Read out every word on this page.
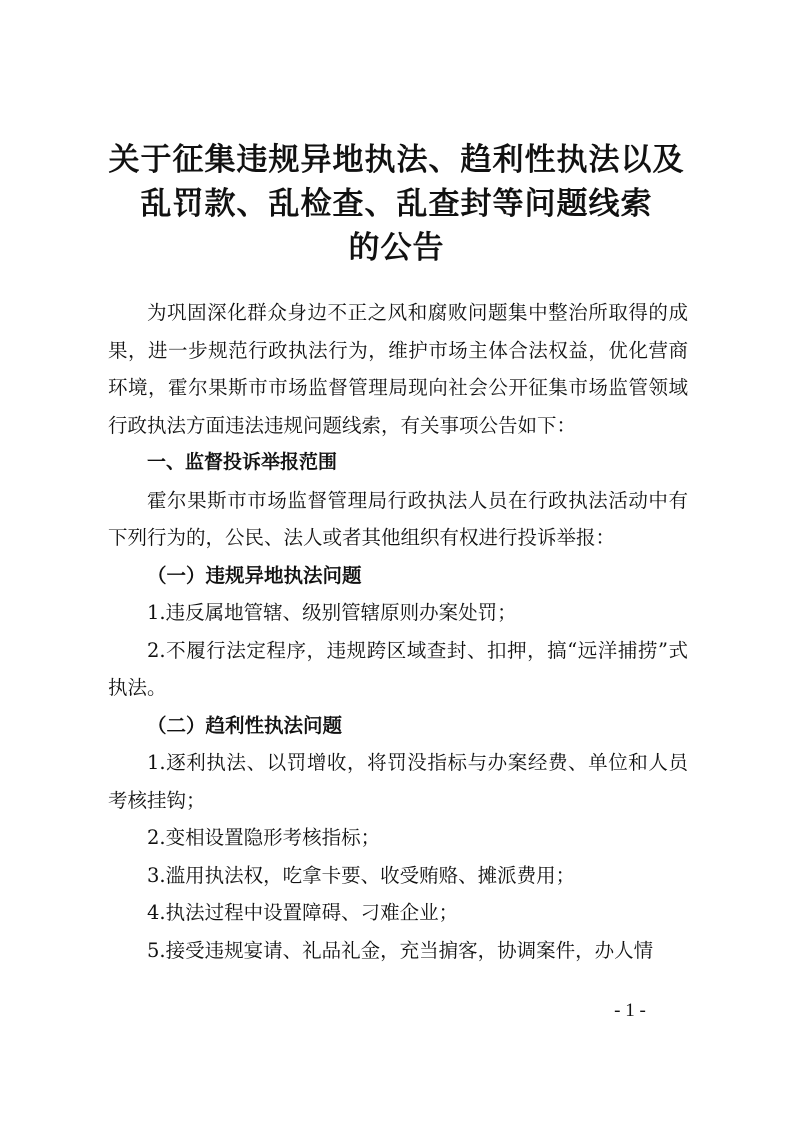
关于征集违规异地执法、趋利性执法以及
乱罚款、乱检查、乱查封等问题线索
的公告

为巩固深化群众身边不正之风和腐败问题集中整治所取得的成果，进一步规范行政执法行为，维护市场主体合法权益，优化营商环境，霍尔果斯市市场监督管理局现向社会公开征集市场监管领域行政执法方面违法违规问题线索，有关事项公告如下：

一、监督投诉举报范围

霍尔果斯市市场监督管理局行政执法人员在行政执法活动中有下列行为的，公民、法人或者其他组织有权进行投诉举报：

（一）违规异地执法问题

1.违反属地管辖、级别管辖原则办案处罚；

2.不履行法定程序，违规跨区域查封、扣押，搞“远洋捕捞”式执法。

（二）趋利性执法问题

1.逐利执法、以罚增收，将罚没指标与办案经费、单位和人员考核挂钩；

2.变相设置隐形考核指标；

3.滥用执法权，吃拿卡要、收受贿赂、摊派费用；

4.执法过程中设置障碍、刁难企业；

5.接受违规宴请、礼品礼金，充当掮客，协调案件，办人情

- 1 -
